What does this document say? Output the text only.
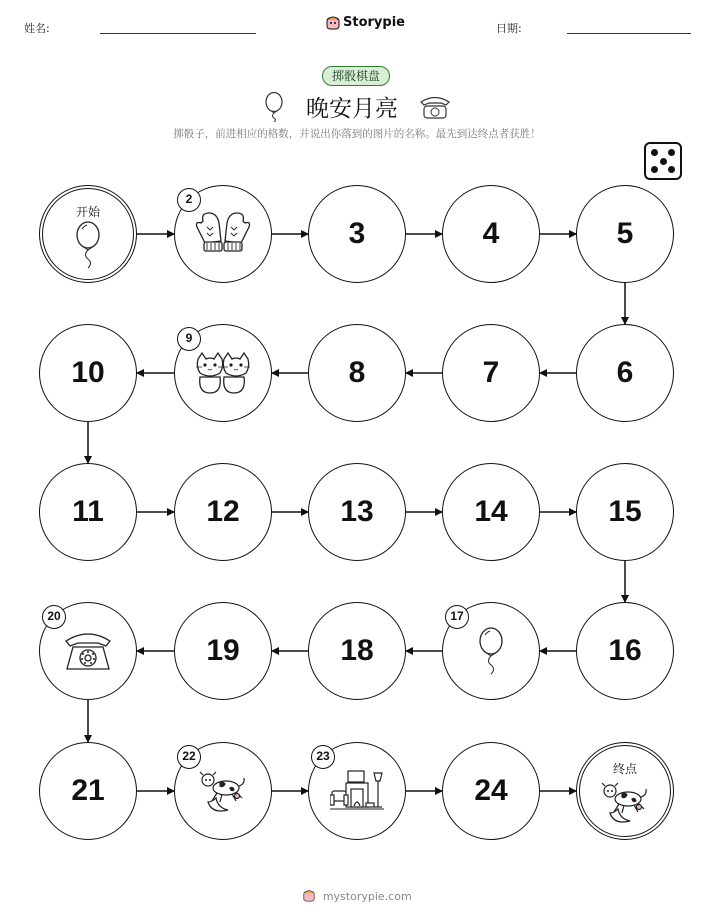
姓名:	Storypie	日期:
掷骰棋盘
晚安月亮
掷骰子，前进相应的格数，并说出你落到的图片的名称。最先到达终点者获胜！
开始
2
3	4	5
6
7
8
9
10
11	12	13	14	15
16
17
18
19
20
21
22	23
24
终点
mystorypie.com
